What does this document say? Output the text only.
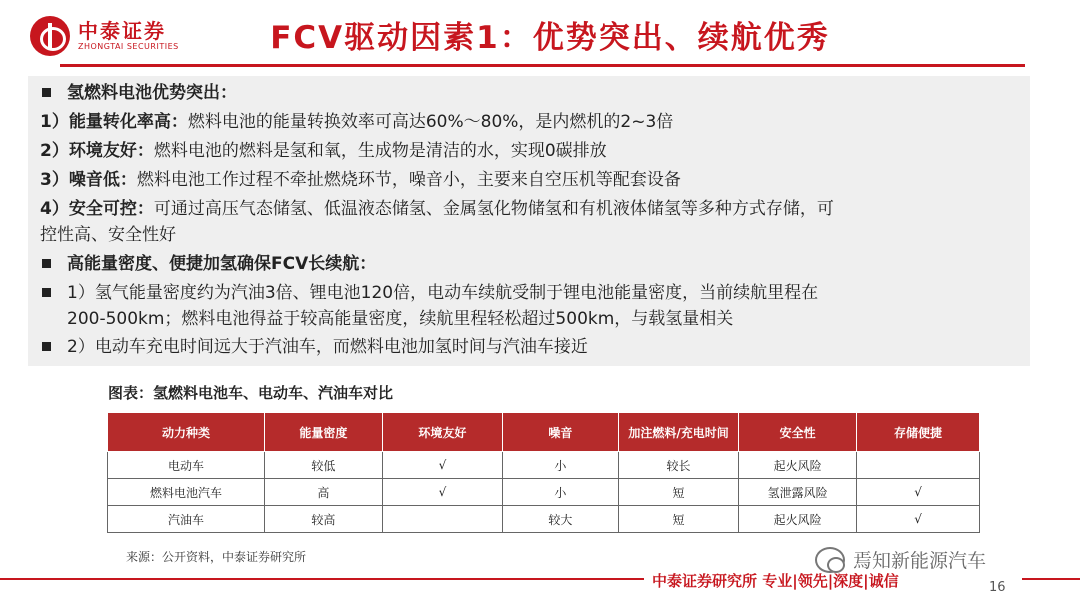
中泰证券
ZHONGTAI SECURITIES	FCV驱动因素1：优势突出、续航优秀
氢燃料电池优势突出：
1）能量转化率高：燃料电池的能量转换效率可高达60%～80%，是内燃机的2~3倍
2）环境友好：燃料电池的燃料是氢和氧，生成物是清洁的水，实现0碳排放
3）噪音低：燃料电池工作过程不牵扯燃烧环节，噪音小，主要来自空压机等配套设备
4）安全可控：可通过高压气态储氢、低温液态储氢、金属氢化物储氢和有机液体储氢等多种方式存储，可
控性高、安全性好
高能量密度、便捷加氢确保FCV长续航：
1）氢气能量密度约为汽油3倍、锂电池120倍，电动车续航受制于锂电池能量密度，当前续航里程在
200-500km；燃料电池得益于较高能量密度，续航里程轻松超过500km，与载氢量相关
2）电动车充电时间远大于汽油车，而燃料电池加氢时间与汽油车接近
图表：氢燃料电池车、电动车、汽油车对比
动力种类	能量密度	环境友好	噪音	加注燃料/充电时间	安全性	存储便捷
电动车	较低	√	小	较长	起火风险	
燃料电池汽车	高	√	小	短	氢泄露风险	√
汽油车	较高		较大	短	起火风险	√
来源：公开资料，中泰证券研究所	焉知新能源汽车
中泰证券研究所 专业|领先|深度|诚信	16
